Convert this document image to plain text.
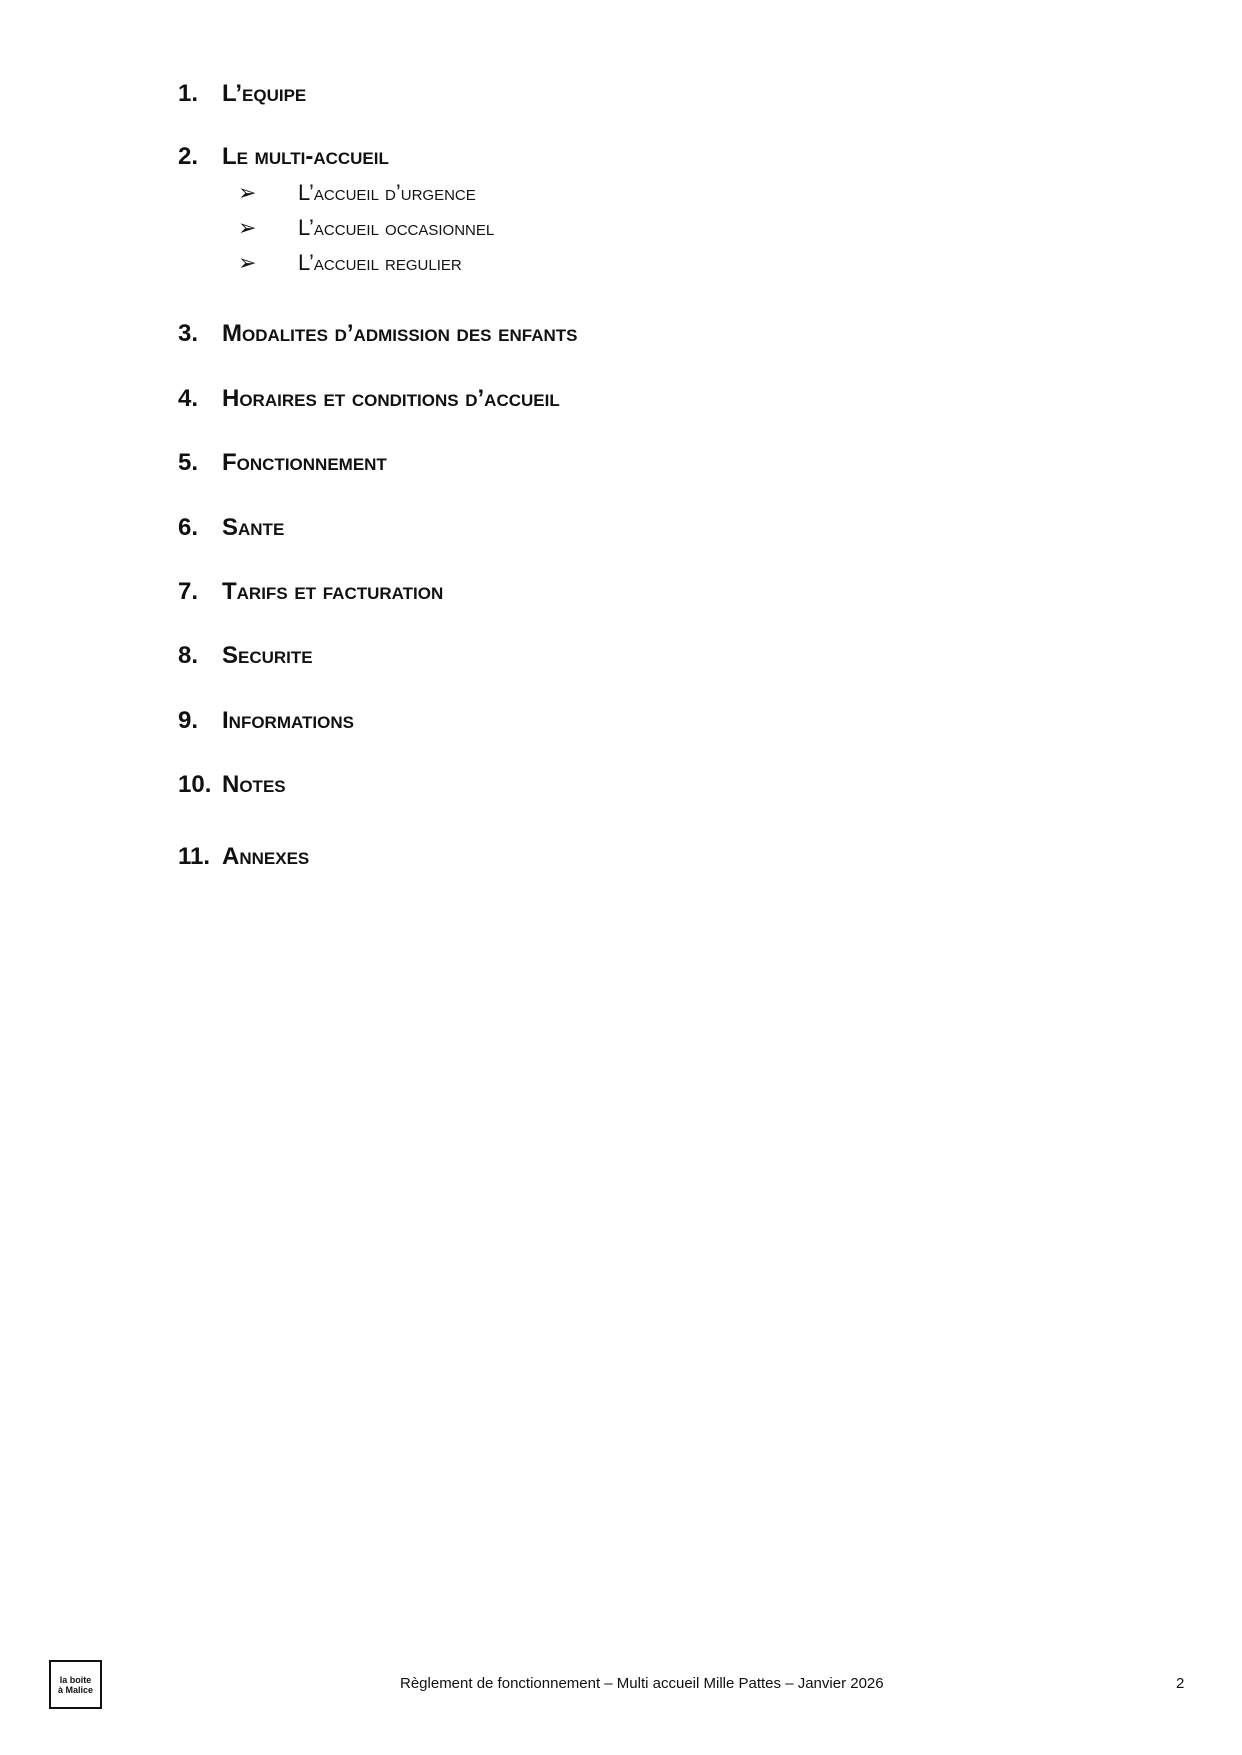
1. L’equipe
2. Le multi-accueil
➢ L’accueil d’urgence
➢ L’accueil occasionnel
➢ L’accueil regulier
3. Modalites d’admission des enfants
4. Horaires et conditions d’accueil
5. Fonctionnement
6. Sante
7. Tarifs et facturation
8. Securite
9. Informations
10. Notes
11. Annexes
la boite
à Malice	Règlement de fonctionnement – Multi accueil Mille Pattes – Janvier 2026	2
